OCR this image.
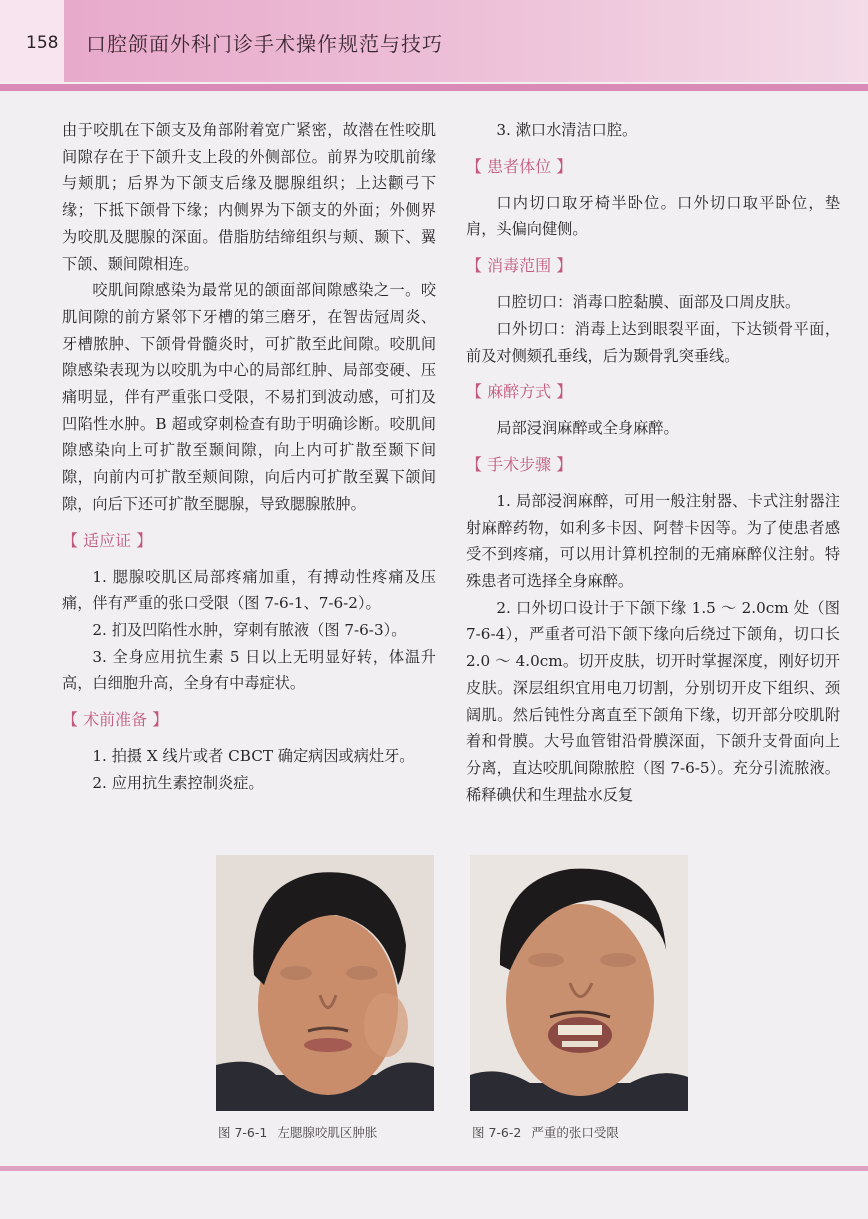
158 口腔颌面外科门诊手术操作规范与技巧

由于咬肌在下颌支及角部附着宽广紧密，故潜在性咬肌间隙存在于下颌升支上段的外侧部位。前界为咬肌前缘与颊肌；后界为下颌支后缘及腮腺组织；上达颧弓下缘；下抵下颌骨下缘；内侧界为下颌支的外面；外侧界为咬肌及腮腺的深面。借脂肪结缔组织与颊、颞下、翼下颌、颞间隙相连。

咬肌间隙感染为最常见的颌面部间隙感染之一。咬肌间隙的前方紧邻下牙槽的第三磨牙，在智齿冠周炎、牙槽脓肿、下颌骨骨髓炎时，可扩散至此间隙。咬肌间隙感染表现为以咬肌为中心的局部红肿、局部变硬、压痛明显，伴有严重张口受限，不易扪到波动感，可扪及凹陷性水肿。B 超或穿刺检查有助于明确诊断。咬肌间隙感染向上可扩散至颞间隙，向上内可扩散至颞下间隙，向前内可扩散至颊间隙，向后内可扩散至翼下颌间隙，向后下还可扩散至腮腺，导致腮腺脓肿。

【 适应证 】

1. 腮腺咬肌区局部疼痛加重，有搏动性疼痛及压痛，伴有严重的张口受限（图 7-6-1、7-6-2）。

2. 扪及凹陷性水肿，穿刺有脓液（图 7-6-3）。

3. 全身应用抗生素 5 日以上无明显好转，体温升高，白细胞升高，全身有中毒症状。

【 术前准备 】

1. 拍摄 X 线片或者 CBCT 确定病因或病灶牙。

2. 应用抗生素控制炎症。

3. 漱口水清洁口腔。

【 患者体位 】

口内切口取牙椅半卧位。口外切口取平卧位，垫肩，头偏向健侧。

【 消毒范围 】

口腔切口：消毒口腔黏膜、面部及口周皮肤。

口外切口：消毒上达到眼裂平面，下达锁骨平面，前及对侧颏孔垂线，后为颞骨乳突垂线。

【 麻醉方式 】

局部浸润麻醉或全身麻醉。

【 手术步骤 】

1. 局部浸润麻醉，可用一般注射器、卡式注射器注射麻醉药物，如利多卡因、阿替卡因等。为了使患者感受不到疼痛，可以用计算机控制的无痛麻醉仪注射。特殊患者可选择全身麻醉。

2. 口外切口设计于下颌下缘 1.5 ～ 2.0cm 处（图 7-6-4），严重者可沿下颌下缘向后绕过下颌角，切口长 2.0 ～ 4.0cm。切开皮肤，切开时掌握深度，刚好切开皮肤。深层组织宜用电刀切割，分别切开皮下组织、颈阔肌。然后钝性分离直至下颌角下缘，切开部分咬肌附着和骨膜。大号血管钳沿骨膜深面，下颌升支骨面向上分离，直达咬肌间隙脓腔（图 7-6-5）。充分引流脓液。稀释碘伏和生理盐水反复

图 7-6-1 左腮腺咬肌区肿胀	图 7-6-2 严重的张口受限
